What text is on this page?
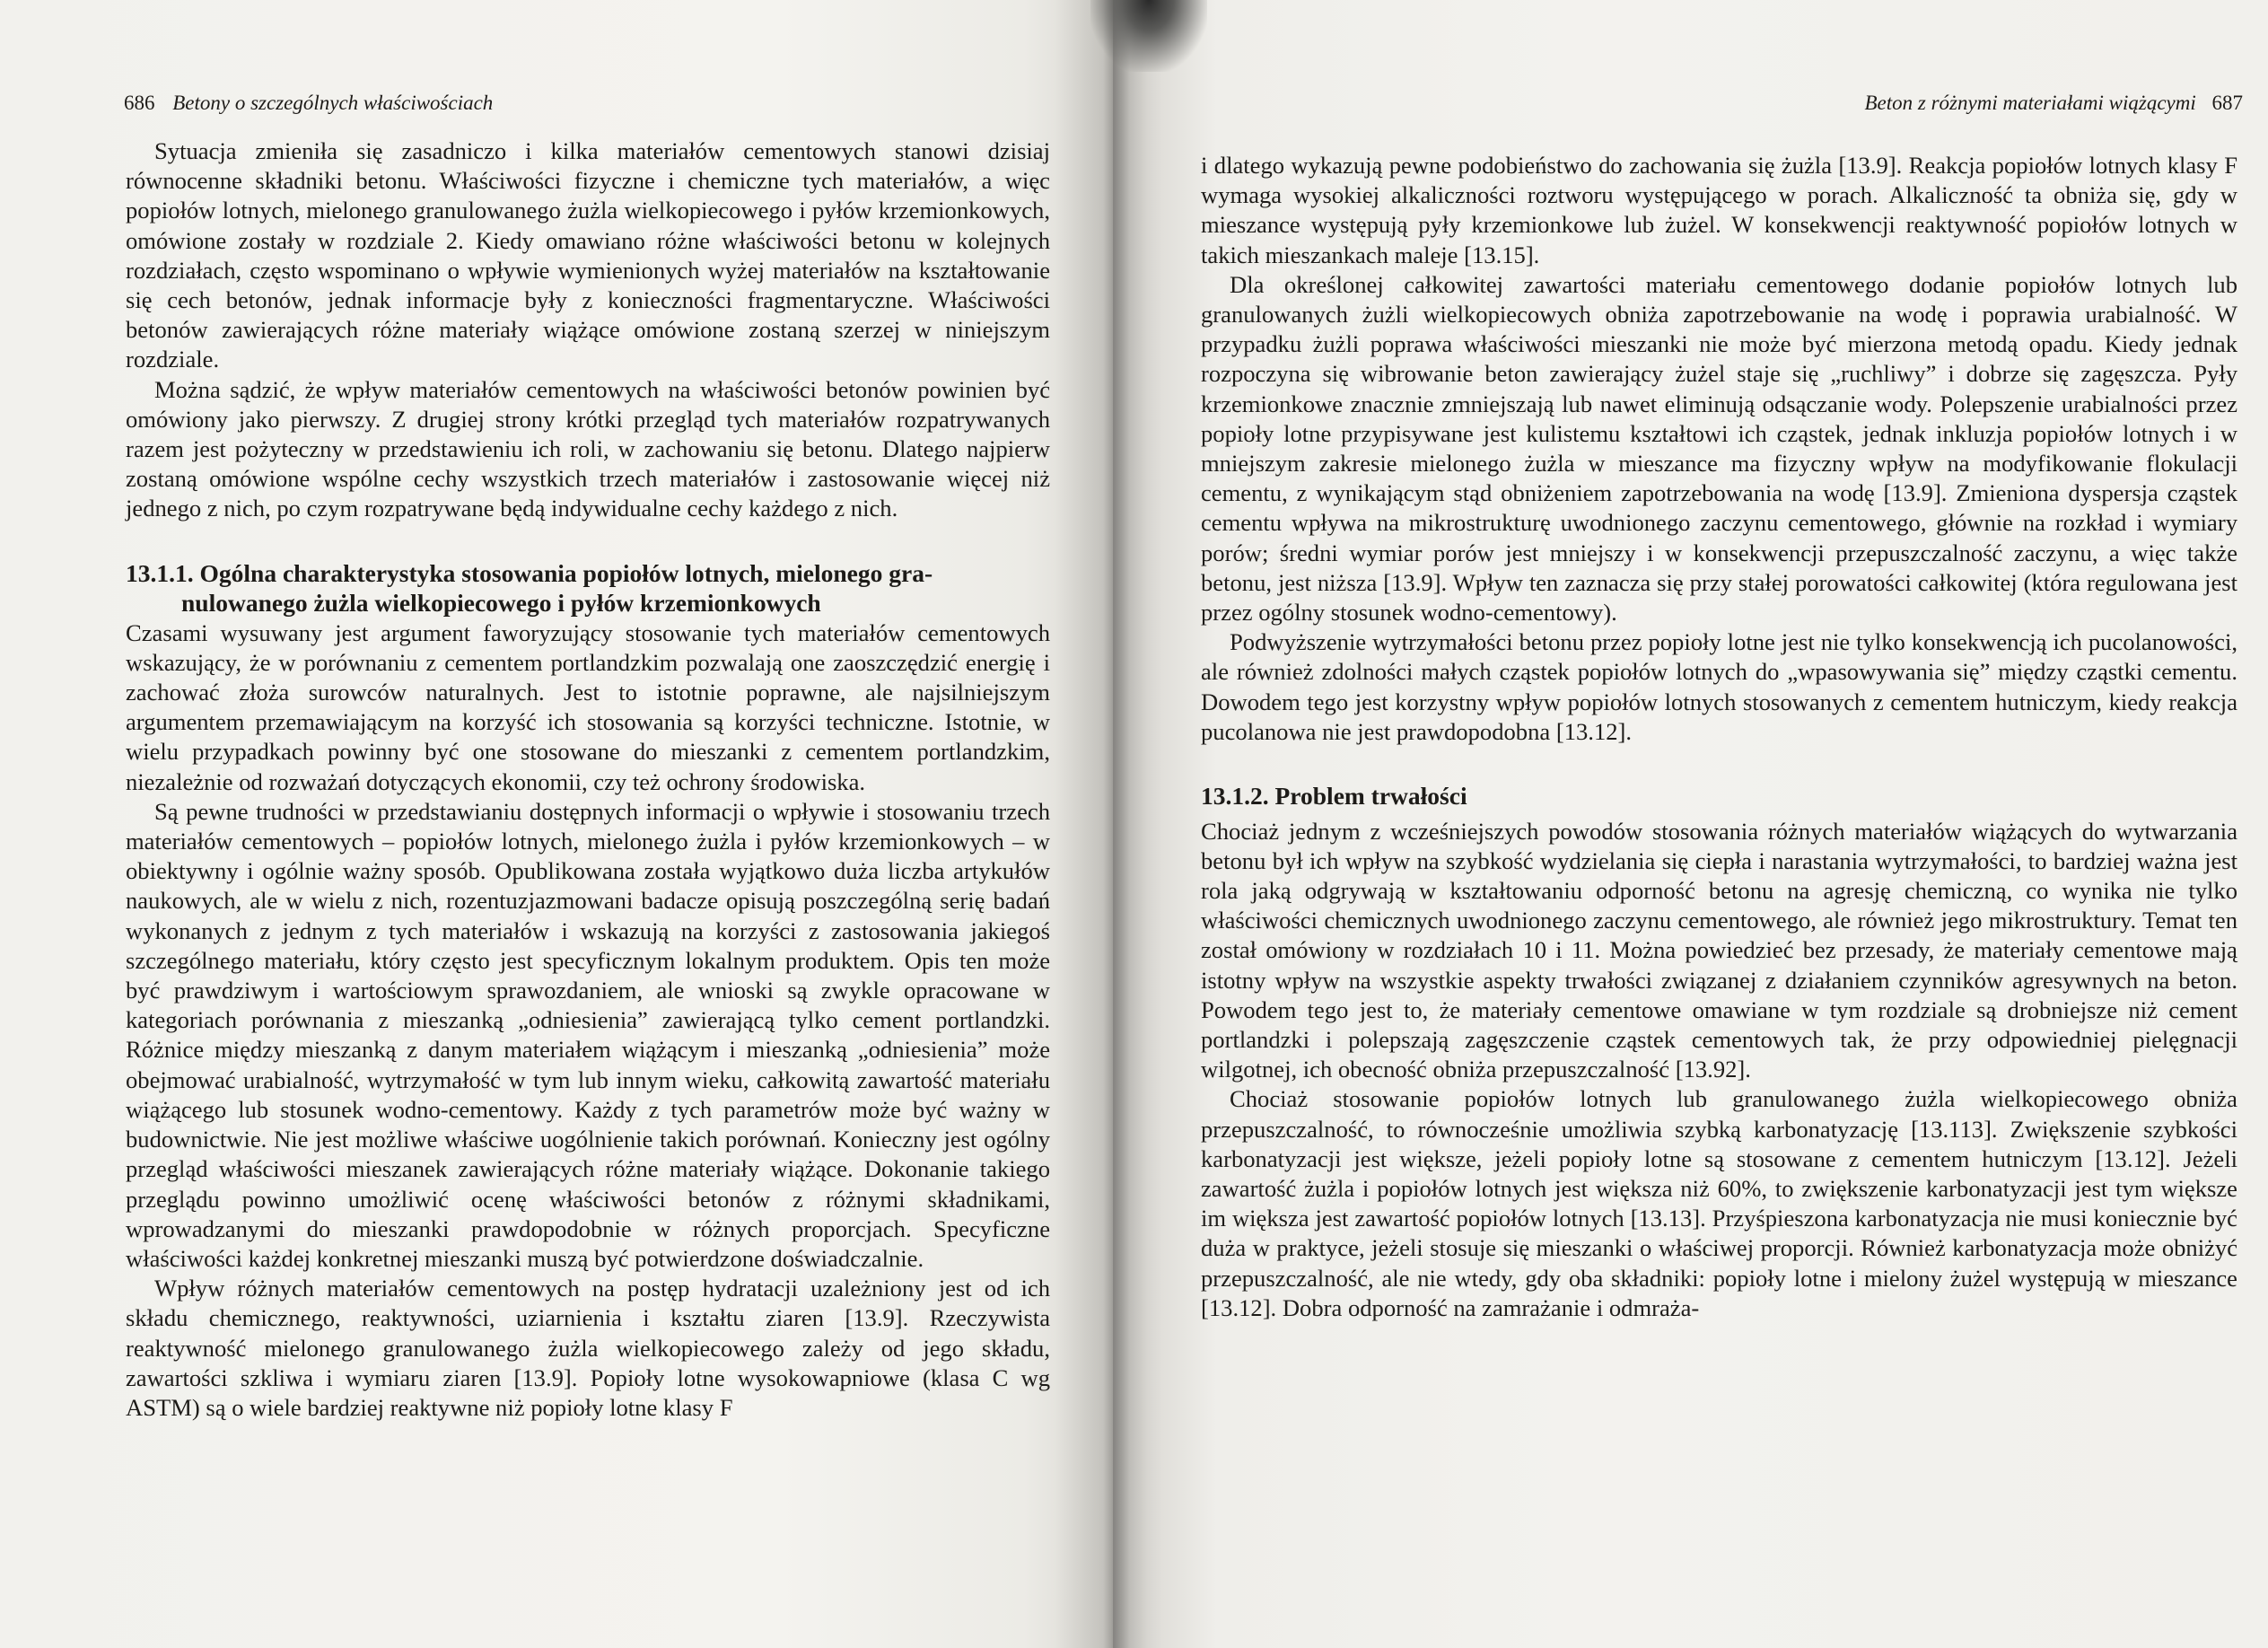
686 Betony o szczególnych właściwościach

Sytuacja zmieniła się zasadniczo i kilka materiałów cementowych stanowi dzisiaj równocenne składniki betonu. Właściwości fizyczne i chemiczne tych materiałów, a więc popiołów lotnych, mielonego granulowanego żużla wielkopiecowego i pyłów krzemionkowych, omówione zostały w rozdziale 2. Kiedy omawiano różne właściwości betonu w kolejnych rozdziałach, często wspominano o wpływie wymienionych wyżej materiałów na kształtowanie się cech betonów, jednak informacje były z konieczności fragmentaryczne. Właściwości betonów zawierających różne materiały wiążące omówione zostaną szerzej w niniejszym rozdziale.

Można sądzić, że wpływ materiałów cementowych na właściwości betonów powinien być omówiony jako pierwszy. Z drugiej strony krótki przegląd tych materiałów rozpatrywanych razem jest pożyteczny w przedstawieniu ich roli, w zachowaniu się betonu. Dlatego najpierw zostaną omówione wspólne cechy wszystkich trzech materiałów i zastosowanie więcej niż jednego z nich, po czym rozpatrywane będą indywidualne cechy każdego z nich.

13.1.1. Ogólna charakterystyka stosowania popiołów lotnych, mielonego gra-
nulowanego żużla wielkopiecowego i pyłów krzemionkowych

Czasami wysuwany jest argument faworyzujący stosowanie tych materiałów cementowych wskazujący, że w porównaniu z cementem portlandzkim pozwalają one zaoszczędzić energię i zachować złoża surowców naturalnych. Jest to istotnie poprawne, ale najsilniejszym argumentem przemawiającym na korzyść ich stosowania są korzyści techniczne. Istotnie, w wielu przypadkach powinny być one stosowane do mieszanki z cementem portlandzkim, niezależnie od rozważań dotyczących ekonomii, czy też ochrony środowiska.

Są pewne trudności w przedstawianiu dostępnych informacji o wpływie i stosowaniu trzech materiałów cementowych – popiołów lotnych, mielonego żużla i pyłów krzemionkowych – w obiektywny i ogólnie ważny sposób. Opublikowana została wyjątkowo duża liczba artykułów naukowych, ale w wielu z nich, rozentuzjazmowani badacze opisują poszczególną serię badań wykonanych z jednym z tych materiałów i wskazują na korzyści z zastosowania jakiegoś szczególnego materiału, który często jest specyficznym lokalnym produktem. Opis ten może być prawdziwym i wartościowym sprawozdaniem, ale wnioski są zwykle opracowane w kategoriach porównania z mieszanką „odniesienia” zawierającą tylko cement portlandzki. Różnice między mieszanką z danym materiałem wiążącym i mieszanką „odniesienia” może obejmować urabialność, wytrzymałość w tym lub innym wieku, całkowitą zawartość materiału wiążącego lub stosunek wodno-cementowy. Każdy z tych parametrów może być ważny w budownictwie. Nie jest możliwe właściwe uogólnienie takich porównań. Konieczny jest ogólny przegląd właściwości mieszanek zawierających różne materiały wiążące. Dokonanie takiego przeglądu powinno umożliwić ocenę właściwości betonów z różnymi składnikami, wprowadzanymi do mieszanki prawdopodobnie w różnych proporcjach. Specyficzne właściwości każdej konkretnej mieszanki muszą być potwierdzone doświadczalnie.

Wpływ różnych materiałów cementowych na postęp hydratacji uzależniony jest od ich składu chemicznego, reaktywności, uziarnienia i kształtu ziaren [13.9]. Rzeczywista reaktywność mielonego granulowanego żużla wielkopiecowego zależy od jego składu, zawartości szkliwa i wymiaru ziaren [13.9]. Popioły lotne wysokowapniowe (klasa C wg ASTM) są o wiele bardziej reaktywne niż popioły lotne klasy F

Beton z różnymi materiałami wiążącymi 687

i dlatego wykazują pewne podobieństwo do zachowania się żużla [13.9]. Reakcja popiołów lotnych klasy F wymaga wysokiej alkaliczności roztworu występującego w porach. Alkaliczność ta obniża się, gdy w mieszance występują pyły krzemionkowe lub żużel. W konsekwencji reaktywność popiołów lotnych w takich mieszankach maleje [13.15].

Dla określonej całkowitej zawartości materiału cementowego dodanie popiołów lotnych lub granulowanych żużli wielkopiecowych obniża zapotrzebowanie na wodę i poprawia urabialność. W przypadku żużli poprawa właściwości mieszanki nie może być mierzona metodą opadu. Kiedy jednak rozpoczyna się wibrowanie beton zawierający żużel staje się „ruchliwy” i dobrze się zagęszcza. Pyły krzemionkowe znacznie zmniejszają lub nawet eliminują odsączanie wody. Polepszenie urabialności przez popioły lotne przypisywane jest kulistemu kształtowi ich cząstek, jednak inkluzja popiołów lotnych i w mniejszym zakresie mielonego żużla w mieszance ma fizyczny wpływ na modyfikowanie flokulacji cementu, z wynikającym stąd obniżeniem zapotrzebowania na wodę [13.9]. Zmieniona dyspersja cząstek cementu wpływa na mikrostrukturę uwodnionego zaczynu cementowego, głównie na rozkład i wymiary porów; średni wymiar porów jest mniejszy i w konsekwencji przepuszczalność zaczynu, a więc także betonu, jest niższa [13.9]. Wpływ ten zaznacza się przy stałej porowatości całkowitej (która regulowana jest przez ogólny stosunek wodno-cementowy).

Podwyższenie wytrzymałości betonu przez popioły lotne jest nie tylko konsekwencją ich pucolanowości, ale również zdolności małych cząstek popiołów lotnych do „wpasowywania się” między cząstki cementu. Dowodem tego jest korzystny wpływ popiołów lotnych stosowanych z cementem hutniczym, kiedy reakcja pucolanowa nie jest prawdopodobna [13.12].

13.1.2. Problem trwałości

Chociaż jednym z wcześniejszych powodów stosowania różnych materiałów wiążących do wytwarzania betonu był ich wpływ na szybkość wydzielania się ciepła i narastania wytrzymałości, to bardziej ważna jest rola jaką odgrywają w kształtowaniu odporność betonu na agresję chemiczną, co wynika nie tylko właściwości chemicznych uwodnionego zaczynu cementowego, ale również jego mikrostruktury. Temat ten został omówiony w rozdziałach 10 i 11. Można powiedzieć bez przesady, że materiały cementowe mają istotny wpływ na wszystkie aspekty trwałości związanej z działaniem czynników agresywnych na beton. Powodem tego jest to, że materiały cementowe omawiane w tym rozdziale są drobniejsze niż cement portlandzki i polepszają zagęszczenie cząstek cementowych tak, że przy odpowiedniej pielęgnacji wilgotnej, ich obecność obniża przepuszczalność [13.92].

Chociaż stosowanie popiołów lotnych lub granulowanego żużla wielkopiecowego obniża przepuszczalność, to równocześnie umożliwia szybką karbonatyzację [13.113]. Zwiększenie szybkości karbonatyzacji jest większe, jeżeli popioły lotne są stosowane z cementem hutniczym [13.12]. Jeżeli zawartość żużla i popiołów lotnych jest większa niż 60%, to zwiększenie karbonatyzacji jest tym większe im większa jest zawartość popiołów lotnych [13.13]. Przyśpieszona karbonatyzacja nie musi koniecznie być duża w praktyce, jeżeli stosuje się mieszanki o właściwej proporcji. Również karbonatyzacja może obniżyć przepuszczalność, ale nie wtedy, gdy oba składniki: popioły lotne i mielony żużel występują w mieszance [13.12]. Dobra odporność na zamrażanie i odmraża-
